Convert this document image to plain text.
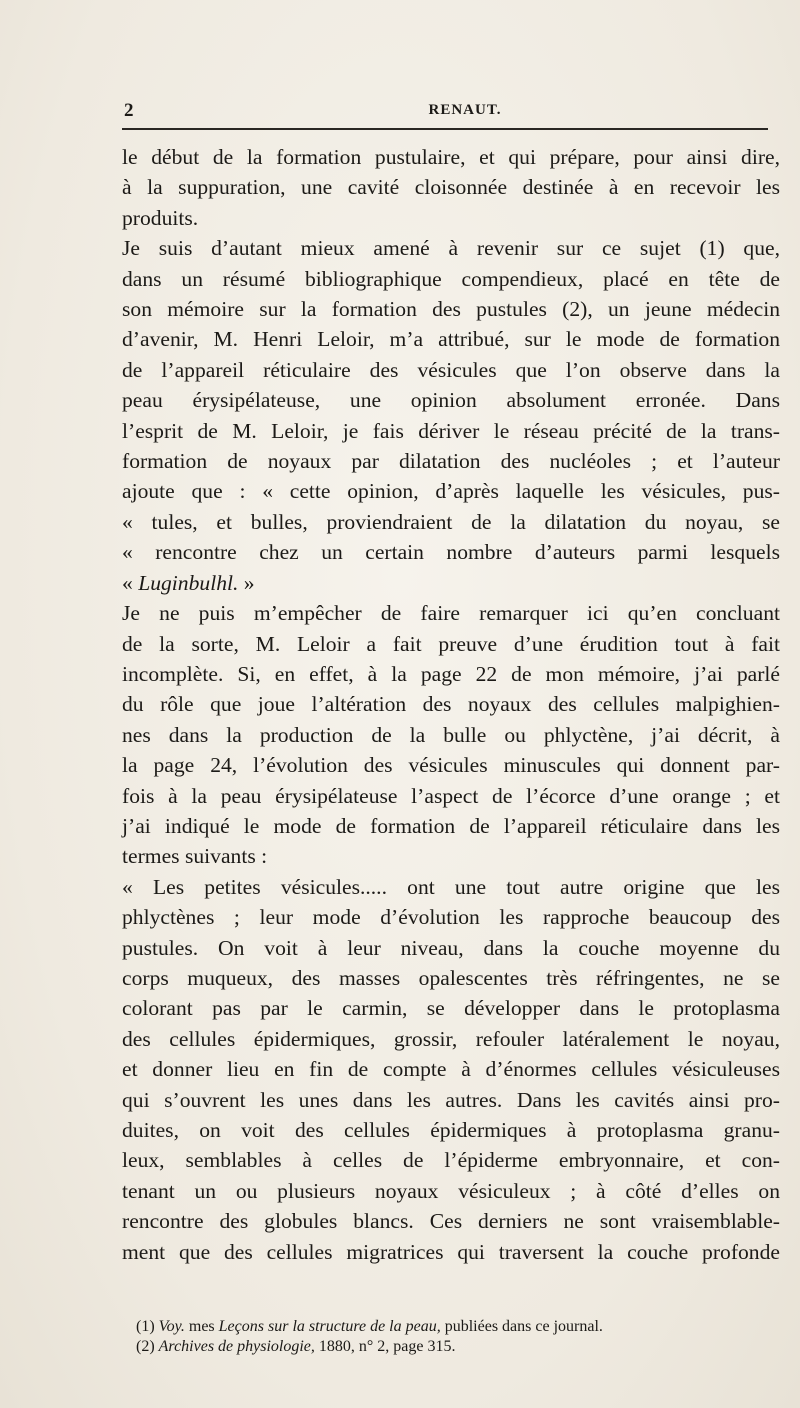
2	RENAUT.

le début de la formation pustulaire, et qui prépare, pour ainsi dire,
à la suppuration, une cavité cloisonnée destinée à en recevoir les
produits.

Je suis d’autant mieux amené à revenir sur ce sujet (1) que,
dans un résumé bibliographique compendieux, placé en tête de
son mémoire sur la formation des pustules (2), un jeune médecin
d’avenir, M. Henri Leloir, m’a attribué, sur le mode de formation
de l’appareil réticulaire des vésicules que l’on observe dans la
peau érysipélateuse, une opinion absolument erronée. Dans
l’esprit de M. Leloir, je fais dériver le réseau précité de la trans-
formation de noyaux par dilatation des nucléoles ; et l’auteur
ajoute que : « cette opinion, d’après laquelle les vésicules, pus-
« tules, et bulles, proviendraient de la dilatation du noyau, se
« rencontre chez un certain nombre d’auteurs parmi lesquels
« Luginbulhl. »

Je ne puis m’empêcher de faire remarquer ici qu’en concluant
de la sorte, M. Leloir a fait preuve d’une érudition tout à fait
incomplète. Si, en effet, à la page 22 de mon mémoire, j’ai parlé
du rôle que joue l’altération des noyaux des cellules malpighien-
nes dans la production de la bulle ou phlyctène, j’ai décrit, à
la page 24, l’évolution des vésicules minuscules qui donnent par-
fois à la peau érysipélateuse l’aspect de l’écorce d’une orange ; et
j’ai indiqué le mode de formation de l’appareil réticulaire dans les
termes suivants :

« Les petites vésicules..... ont une tout autre origine que les
phlyctènes ; leur mode d’évolution les rapproche beaucoup des
pustules. On voit à leur niveau, dans la couche moyenne du
corps muqueux, des masses opalescentes très réfringentes, ne se
colorant pas par le carmin, se développer dans le protoplasma
des cellules épidermiques, grossir, refouler latéralement le noyau,
et donner lieu en fin de compte à d’énormes cellules vésiculeuses
qui s’ouvrent les unes dans les autres. Dans les cavités ainsi pro-
duites, on voit des cellules épidermiques à protoplasma granu-
leux, semblables à celles de l’épiderme embryonnaire, et con-
tenant un ou plusieurs noyaux vésiculeux ; à côté d’elles on
rencontre des globules blancs. Ces derniers ne sont vraisemblable-
ment que des cellules migratrices qui traversent la couche profonde

(1) Voy. mes Leçons sur la structure de la peau, publiées dans ce journal.
(2) Archives de physiologie, 1880, n° 2, page 315.
